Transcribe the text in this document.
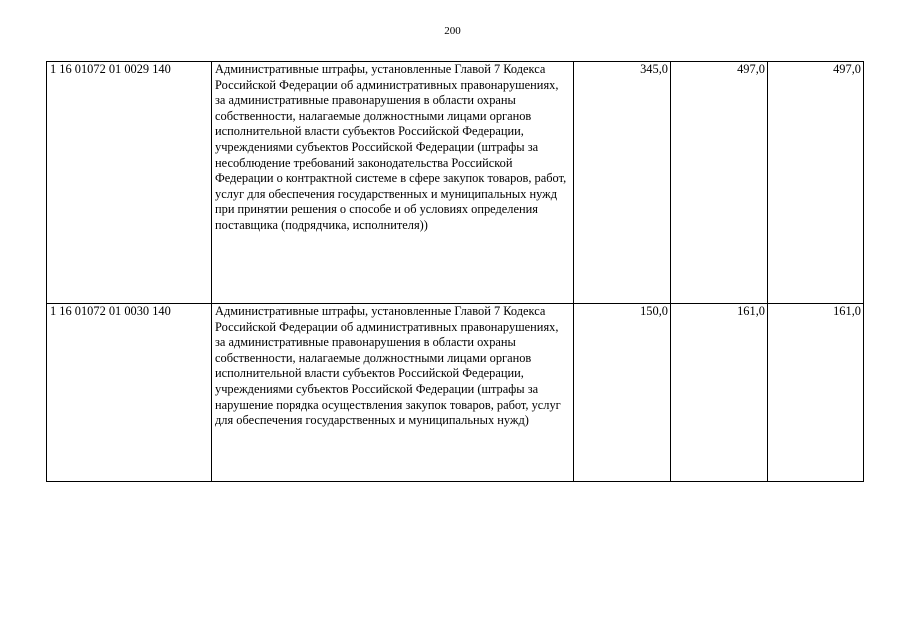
200
1 16 01072 01 0029 140	Административные штрафы, установленные Главой 7 Кодекса Российской Федерации об административных правонарушениях, за административные правонарушения в области охраны собственности, налагаемые должностными лицами органов исполнительной власти субъектов Российской Федерации, учреждениями субъектов Российской Федерации (штрафы за несоблюдение требований законодательства Российской Федерации о контрактной системе в сфере закупок товаров, работ, услуг для обеспечения государственных и муниципальных нужд при принятии решения о способе и об условиях определения поставщика (подрядчика, исполнителя))	345,0	497,0	497,0
1 16 01072 01 0030 140	Административные штрафы, установленные Главой 7 Кодекса Российской Федерации об административных правонарушениях, за административные правонарушения в области охраны собственности, налагаемые должностными лицами органов исполнительной власти субъектов Российской Федерации, учреждениями субъектов Российской Федерации (штрафы за нарушение порядка осуществления закупок товаров, работ, услуг для обеспечения государственных и муниципальных нужд)	150,0	161,0	161,0
